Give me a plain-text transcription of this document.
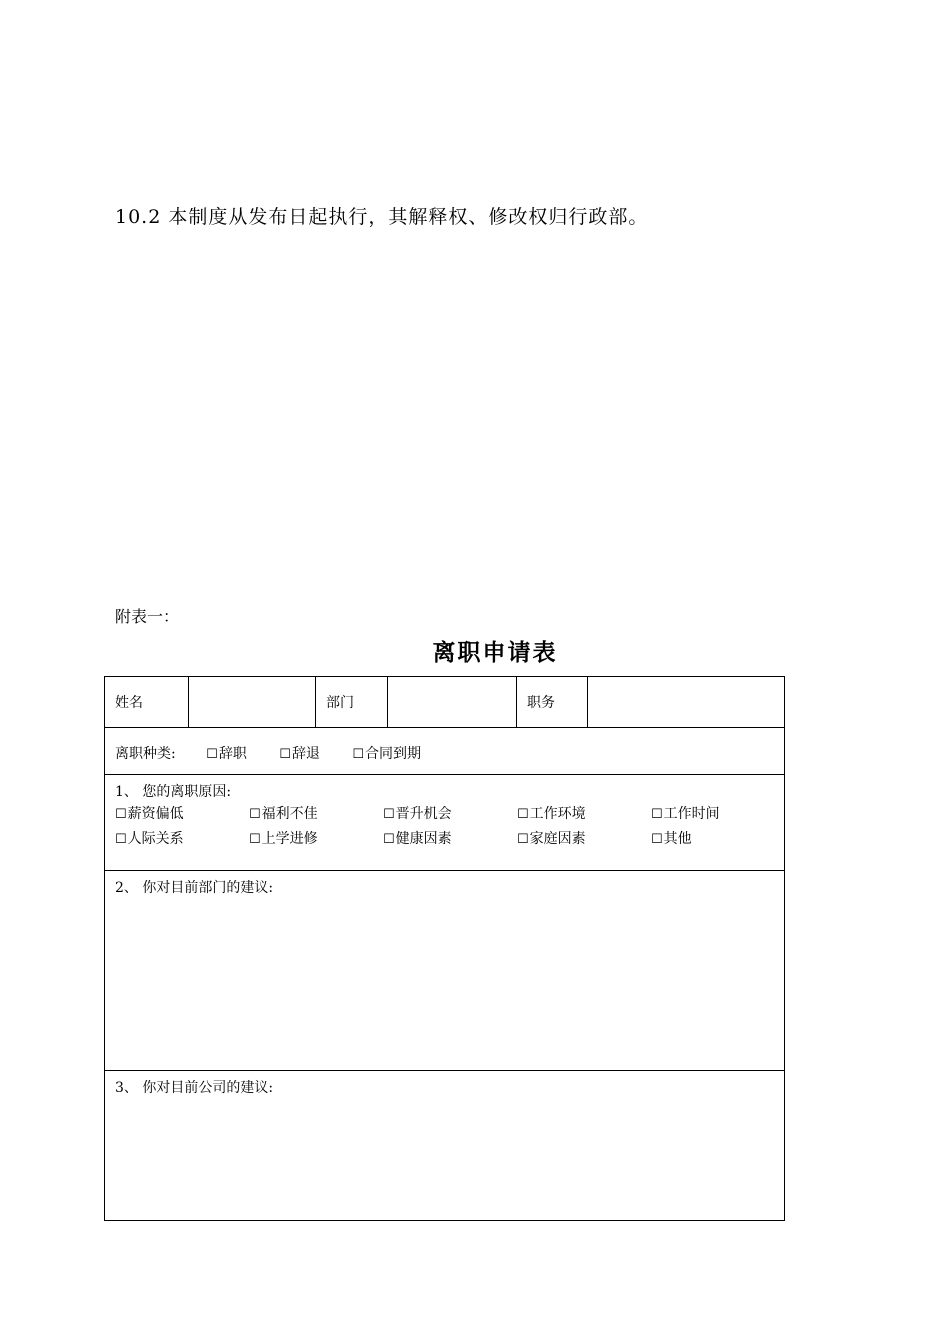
10.2 本制度从发布日起执行，其解释权、修改权归行政部。
附表一：
离职申请表
姓名	部门	职务
离职种类: ☐辞职 ☐辞退 ☐合同到期
1、 您的离职原因:
☐薪资偏低	☐福利不佳	☐晋升机会	☐工作环境	☐工作时间
☐人际关系	☐上学进修	☐健康因素	☐家庭因素	☐其他
2、 你对目前部门的建议:
3、 你对目前公司的建议:
